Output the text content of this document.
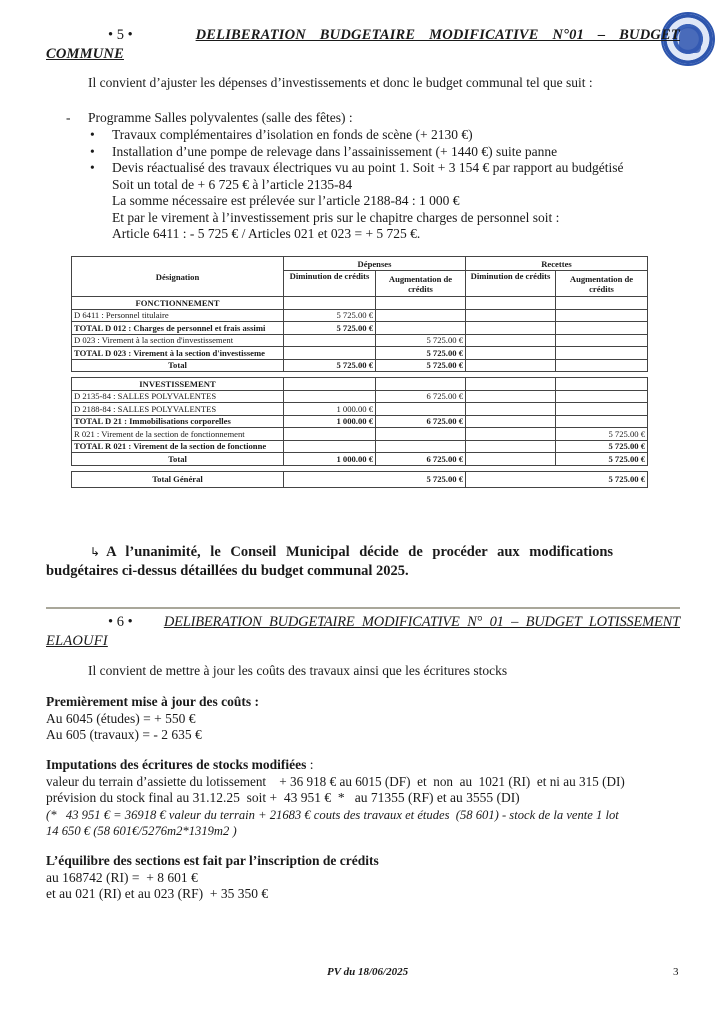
• 5 •	DELIBERATION BUDGETAIRE MODIFICATIVE N°01 – BUDGET
COMMUNE
Il convient d’ajuster les dépenses d’investissements et donc le budget communal tel que suit :
- Programme Salles polyvalentes (salle des fêtes) :
• Travaux complémentaires d’isolation en fonds de scène (+ 2130 €)
• Installation d’une pompe de relevage dans l’assainissement (+ 1440 €) suite panne
• Devis réactualisé des travaux électriques vu au point 1. Soit + 3 154 € par rapport au budgétisé
Soit un total de + 6 725 € à l’article 2135-84
La somme nécessaire est prélevée sur l’article 2188-84 : 1 000 €
Et par le virement à l’investissement pris sur le chapitre charges de personnel soit :
Article 6411 : - 5 725 € / Articles 021 et 023 = + 5 725 €.
Désignation	Dépenses		Recettes	
	Diminution de crédits	Augmentation de crédits	Diminution de crédits	Augmentation de crédits
FONCTIONNEMENT				
D 6411 : Personnel titulaire	5 725.00 €			
TOTAL D 012 : Charges de personnel et frais assimi	5 725.00 €			
D 023 : Virement à la section d'investissement		5 725.00 €		
TOTAL D 023 : Virement à la section d'investisseme		5 725.00 €		
Total	5 725.00 €	5 725.00 €		

INVESTISSEMENT				
D 2135-84 : SALLES POLYVALENTES		6 725.00 €		
D 2188-84 : SALLES POLYVALENTES	1 000.00 €			
TOTAL D 21 : Immobilisations corporelles	1 000.00 €	6 725.00 €		
R 021 : Virement de la section de fonctionnement				5 725.00 €
TOTAL R 021 : Virement de la section de fonctionne				5 725.00 €
Total	1 000.00 €	6 725.00 €		5 725.00 €

Total Général	5 725.00 €		5 725.00 €	
↳ A l’unanimité, le Conseil Municipal décide de procéder aux modifications
budgétaires ci-dessus détaillées du budget communal 2025.
• 6 • DELIBERATION BUDGETAIRE MODIFICATIVE N° 01 – BUDGET LOTISSEMENT
ELAOUFI
Il convient de mettre à jour les coûts des travaux ainsi que les écritures stocks
Premièrement mise à jour des coûts :
Au 6045 (études) = + 550 €
Au 605 (travaux) = - 2 635 €
Imputations des écritures de stocks modifiées :
valeur du terrain d’assiette du lotissement    + 36 918 € au 6015 (DF)  et  non  au  1021 (RI)  et ni au 315 (DI)
prévision du stock final au 31.12.25  soit +  43 951 €  *   au 71355 (RF) et au 3555 (DI)
(*   43 951 € = 36918 € valeur du terrain + 21683 € couts des travaux et études  (58 601) - stock de la vente 1 lot
14 650 € (58 601€/5276m2*1319m2 )
L’équilibre des sections est fait par l’inscription de crédits
au 168742 (RI) =  + 8 601 €
et au 021 (RI) et au 023 (RF)  + 35 350 €
PV du 18/06/2025	3
